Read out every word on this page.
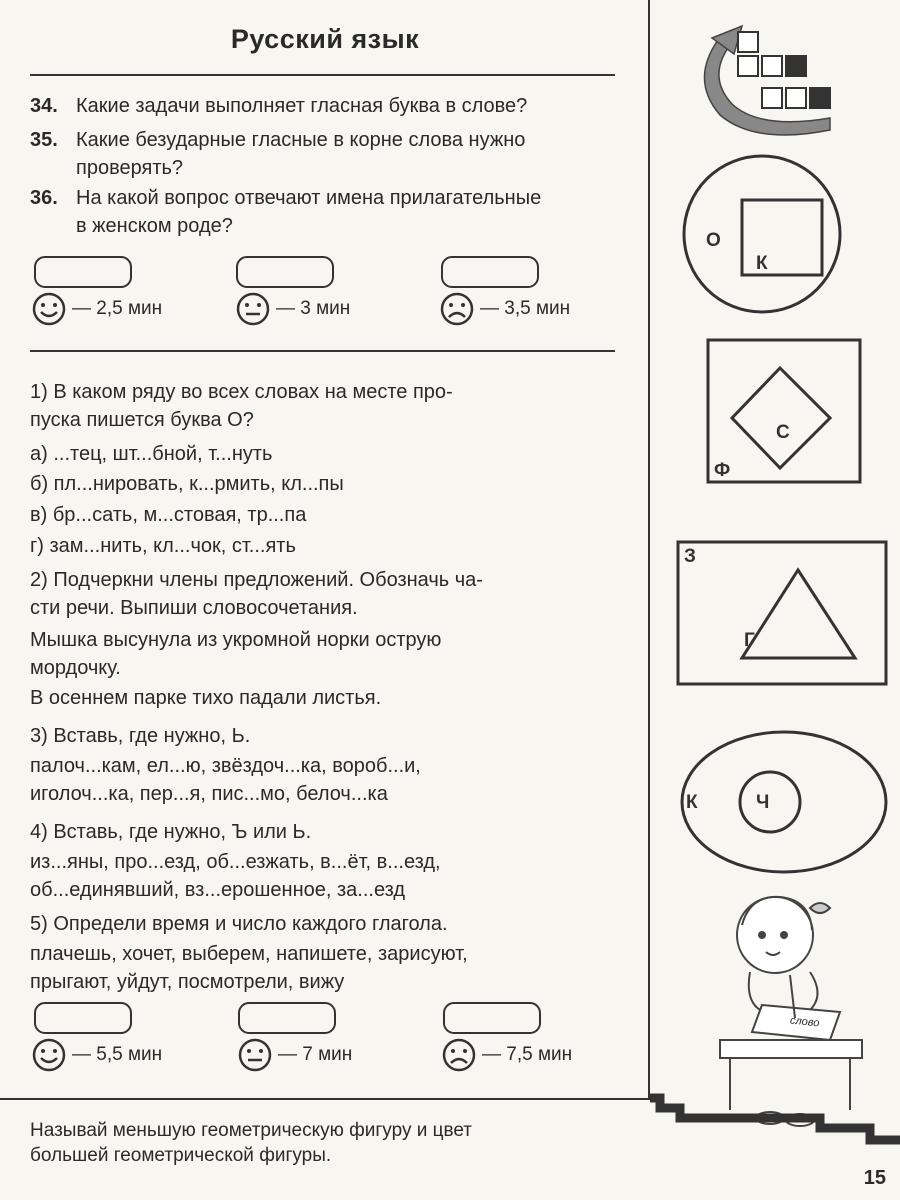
Русский язык
34. Какие задачи выполняет гласная буква в слове?
35. Какие безударные гласные в корне слова нужно
проверять?
36. На какой вопрос отвечают имена прилагательные
в женском роде?
— 2,5 мин	— 3 мин	— 3,5 мин
1) В каком ряду во всех словах на месте про-
пуска пишется буква О?
а) ...тец, шт...бной, т...нуть
б) пл...нировать, к...рмить, кл...пы
в) бр...сать, м...стовая, тр...па
г) зам...нить, кл...чок, ст...ять
2) Подчеркни члены предложений. Обозначь ча-
сти речи. Выпиши словосочетания.
Мышка высунула из укромной норки острую
мордочку.
В осеннем парке тихо падали листья.
3) Вставь, где нужно, Ь.
палоч...кам, ел...ю, звёздоч...ка, вороб...и,
иголоч...ка, пер...я, пис...мо, белоч...ка
4) Вставь, где нужно, Ъ или Ь.
из...яны, про...езд, об...езжать, в...ёт, в...езд,
об...единявший, вз...ерошенное, за...езд
5) Определи время и число каждого глагола.
плачешь, хочет, выберем, напишете, зарисуют,
прыгают, уйдут, посмотрели, вижу
— 5,5 мин	— 7 мин	— 7,5 мин
Называй меньшую геометрическую фигуру и цвет
большей геометрической фигуры.
О
К
Ф
С
З
Г
К	Ч
слово
15
